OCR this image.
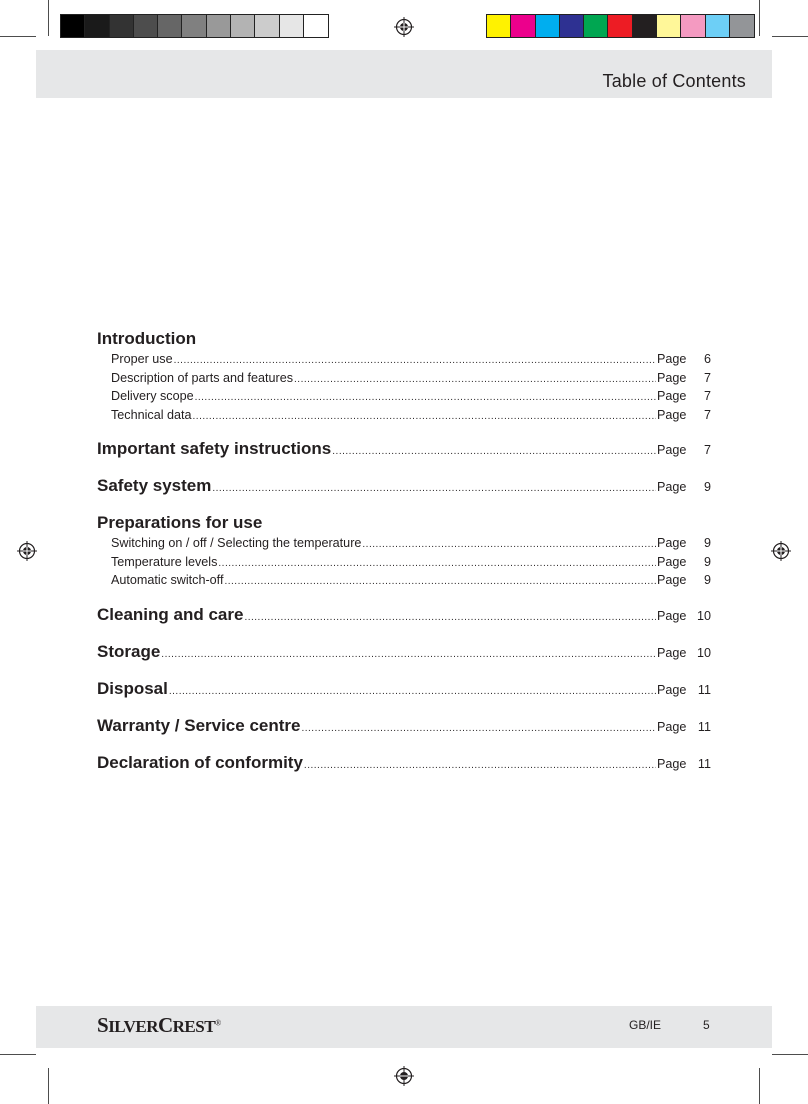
Table of Contents
Introduction
Proper use .....	Page 6
Description of parts and features .....	Page 7
Delivery scope .....	Page 7
Technical data .....	Page 7
Important safety instructions .....	Page 7
Safety system .....	Page 9
Preparations for use
Switching on / off / Selecting the temperature .....	Page 9
Temperature levels .....	Page 9
Automatic switch-off .....	Page 9
Cleaning and care .....	Page 10
Storage .....	Page 10
Disposal .....	Page 11
Warranty / Service centre .....	Page 11
Declaration of conformity .....	Page 11
SILVERCREST®	GB/IE	5
